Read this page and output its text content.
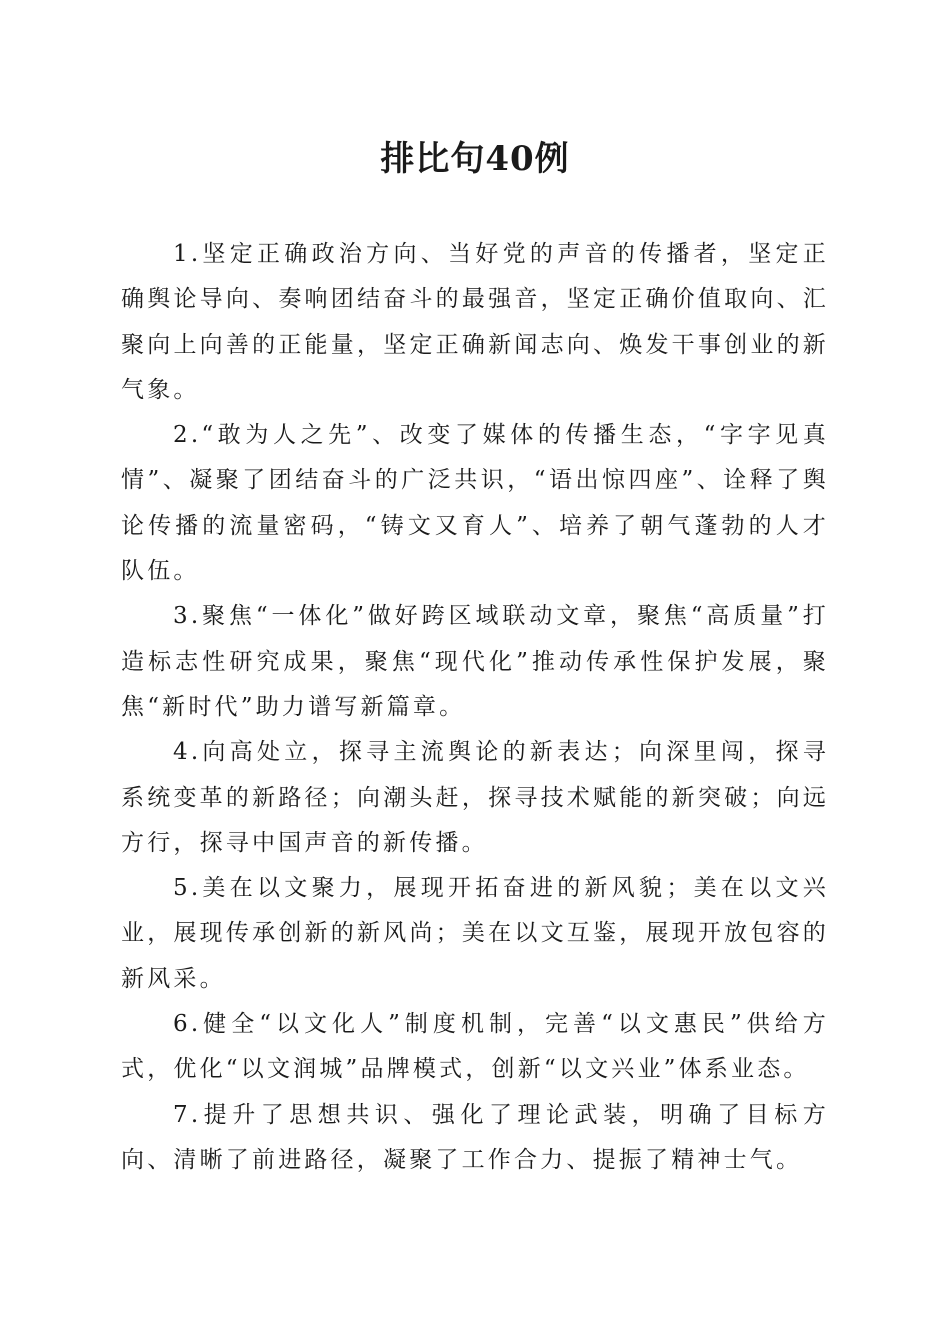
排比句40例

1.坚定正确政治方向、当好党的声音的传播者，坚定正确舆论导向、奏响团结奋斗的最强音，坚定正确价值取向、汇聚向上向善的正能量，坚定正确新闻志向、焕发干事创业的新气象。

2.“敢为人之先”、改变了媒体的传播生态，“字字见真情”、凝聚了团结奋斗的广泛共识，“语出惊四座”、诠释了舆论传播的流量密码，“铸文又育人”、培养了朝气蓬勃的人才队伍。

3.聚焦“一体化”做好跨区域联动文章，聚焦“高质量”打造标志性研究成果，聚焦“现代化”推动传承性保护发展，聚焦“新时代”助力谱写新篇章。

4.向高处立，探寻主流舆论的新表达；向深里闯，探寻系统变革的新路径；向潮头赶，探寻技术赋能的新突破；向远方行，探寻中国声音的新传播。

5.美在以文聚力，展现开拓奋进的新风貌；美在以文兴业，展现传承创新的新风尚；美在以文互鉴，展现开放包容的新风采。

6.健全“以文化人”制度机制，完善“以文惠民”供给方式，优化“以文润城”品牌模式，创新“以文兴业”体系业态。

7.提升了思想共识、强化了理论武装，明确了目标方向、清晰了前进路径，凝聚了工作合力、提振了精神士气。
